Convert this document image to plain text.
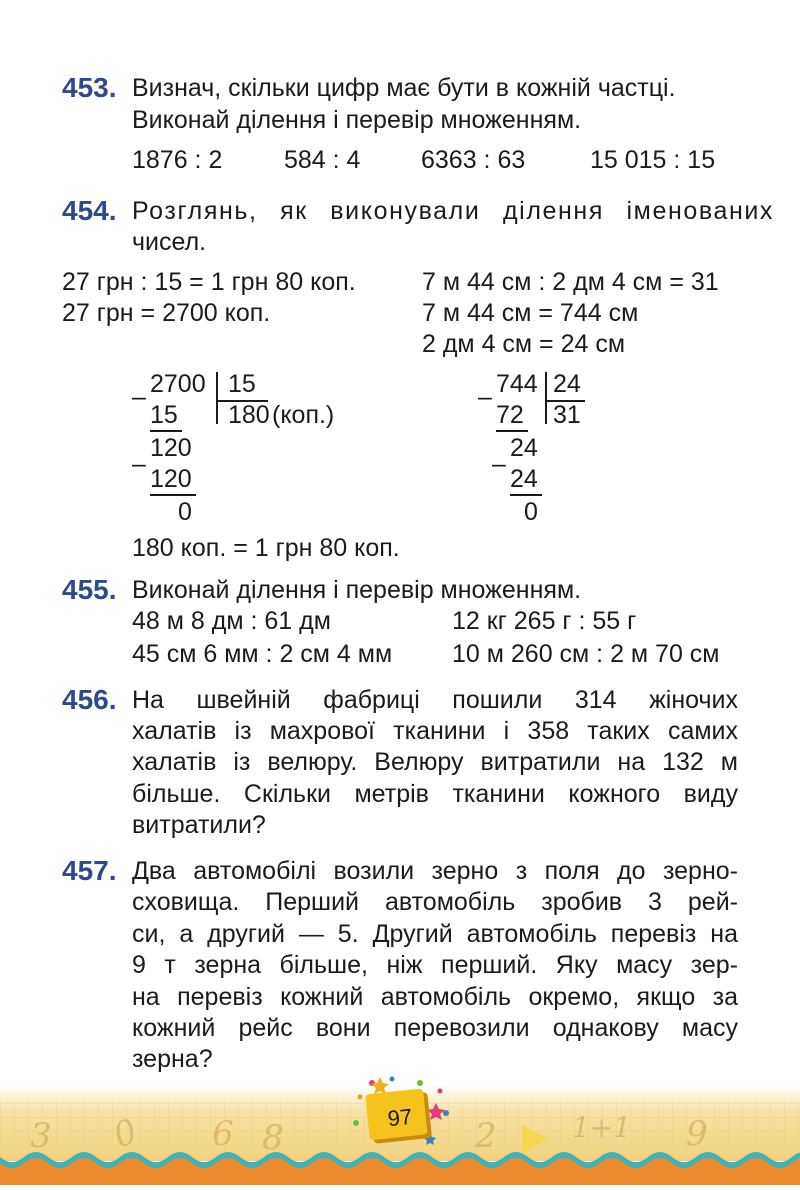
453. Визнач, скільки цифр має бути в кожній частці.
Виконай ділення і перевір множенням.
1876 : 2 584 : 4 6363 : 63	15 015 : 15
454. Розглянь, як виконували ділення іменованих
чисел.
27 грн : 15 = 1 грн 80 коп.
27 грн = 2700 коп.
7 м 44 см : 2 дм 4 см = 31
7 м 44 см = 744 см
2 дм 4 см = 24 см
2700 15
–
15 180 (коп.)
120
–
120
0
744 24
–
72 31
24
–
24
0
180 коп. = 1 грн 80 коп.
455. Виконай ділення і перевір множенням.
48 м 8 дм : 61 дм	12 кг 265 г : 55 г
45 см 6 мм : 2 см 4 мм 10 м 260 см : 2 м 70 см
456. На швейній фабриці пошили 314 жіночих
халатів із махрової тканини і 358 таких самих
халатів із велюру. Велюру витратили на 132 м
більше. Скільки метрів тканини кожного виду
витратили?
457. Два автомобілі возили зерно з поля до зерно-
сховища. Перший автомобіль зробив 3 рей-
си, а другий — 5. Другий автомобіль перевіз на
9 т зерна більше, ніж перший. Яку масу зер-
на перевіз кожний автомобіль окремо, якщо за
кожний рейс вони перевозили однакову масу
зерна?
3 0 6 8	2	1+1 9
97
